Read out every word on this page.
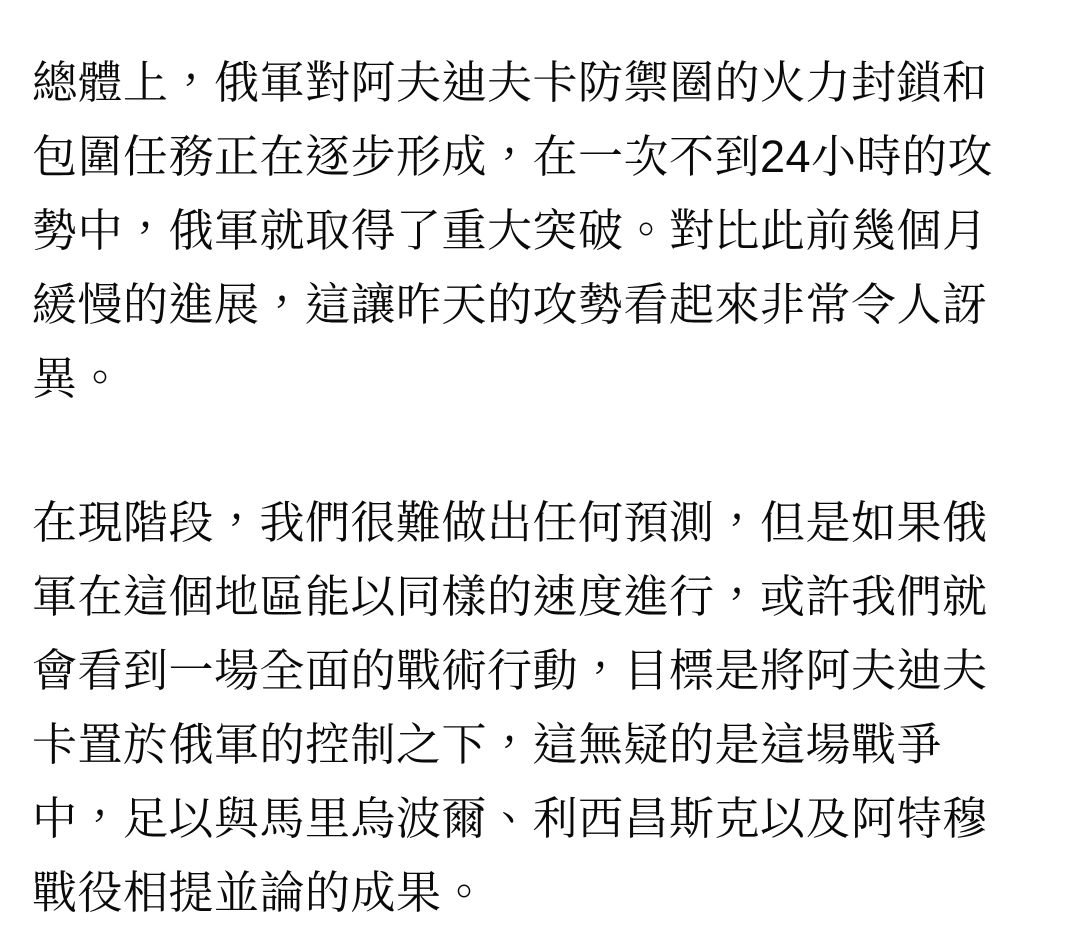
總體上，俄軍對阿夫迪夫卡防禦圈的火力封鎖和包圍任務正在逐步形成，在一次不到24小時的攻勢中，俄軍就取得了重大突破。對比此前幾個月緩慢的進展，這讓昨天的攻勢看起來非常令人訝異。

在現階段，我們很難做出任何預測，但是如果俄軍在這個地區能以同樣的速度進行，或許我們就會看到一場全面的戰術行動，目標是將阿夫迪夫卡置於俄軍的控制之下，這無疑的是這場戰爭中，足以與馬里烏波爾、利西昌斯克以及阿特穆戰役相提並論的成果。
